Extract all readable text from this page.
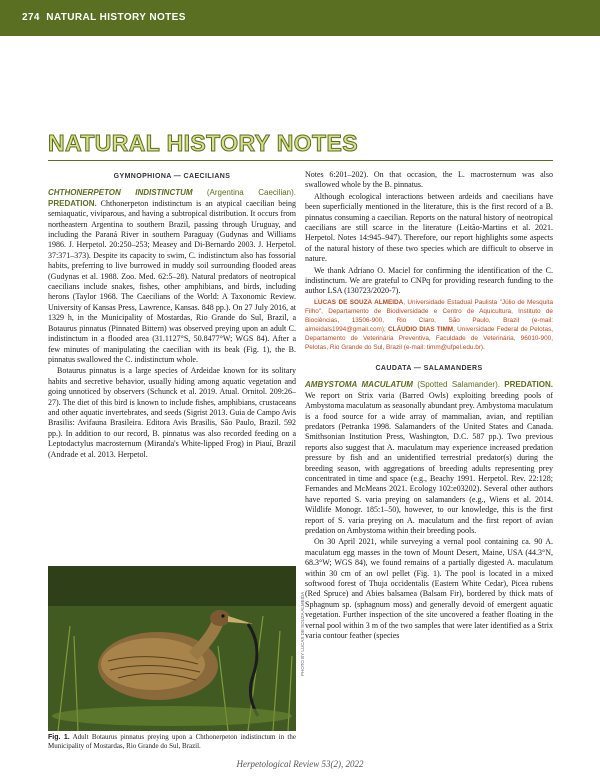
274 NATURAL HISTORY NOTES
NATURAL HISTORY NOTES
GYMNOPHIONA — CAECILIANS

CHTHONERPETON INDISTINCTUM (Argentina Caecilian). PREDATION. Chthonerpeton indistinctum is an atypical caecilian being semiaquatic, viviparous, and having a subtropical distribution. It occurs from northeastern Argentina to southern Brazil, passing through Uruguay, and including the Paraná River in southern Paraguay (Gudynas and Williams 1986. J. Herpetol. 20:250–253; Measey and Di-Bernardo 2003. J. Herpetol. 37:371–373). Despite its capacity to swim, C. indistinctum also has fossorial habits, preferring to live burrowed in muddy soil surrounding flooded areas (Gudynas et al. 1988. Zoo. Med. 62:5–28). Natural predators of neotropical caecilians include snakes, fishes, other amphibians, and birds, including herons (Taylor 1968. The Caecilians of the World: A Taxonomic Review. University of Kansas Press, Lawrence, Kansas. 848 pp.). On 27 July 2016, at 1329 h, in the Municipality of Mostardas, Rio Grande do Sul, Brazil, a Botaurus pinnatus (Pinnated Bittern) was observed preying upon an adult C. indistinctum in a flooded area (31.1127°S, 50.8477°W; WGS 84). After a few minutes of manipulating the caecilian with its beak (Fig. 1), the B. pinnatus swallowed the C. indistinctum whole.

Botaurus pinnatus is a large species of Ardeidae known for its solitary habits and secretive behavior, usually hiding among aquatic vegetation and going unnoticed by observers (Schunck et al. 2019. Atual. Ornitol. 209:26–27). The diet of this bird is known to include fishes, amphibians, crustaceans and other aquatic invertebrates, and seeds (Sigrist 2013. Guia de Campo Avis Brasilis: Avifauna Brasileira. Editora Avis Brasilis, São Paulo, Brazil. 592 pp.). In addition to our record, B. pinnatus was also recorded feeding on a Leptodactylus macrosternum (Miranda's White-lipped Frog) in Piauí, Brazil (Andrade et al. 2013. Herpetol.

PHOTO BY LUCAS DE SOUZA ALMEIDA
Fig. 1. Adult Botaurus pinnatus preying upon a Chthonerpeton indistinctum in the Municipality of Mostardas, Rio Grande do Sul, Brazil.

Notes 6:201–202). On that occasion, the L. macrosternum was also swallowed whole by the B. pinnatus.

Although ecological interactions between ardeids and caecilians have been superficially mentioned in the literature, this is the first record of a B. pinnatus consuming a caecilian. Reports on the natural history of neotropical caecilians are still scarce in the literature (Leitão-Martins et al. 2021. Herpetol. Notes 14:945–947). Therefore, our report highlights some aspects of the natural history of these two species which are difficult to observe in nature.

We thank Adriano O. Maciel for confirming the identification of the C. indistinctum. We are grateful to CNPq for providing research funding to the author LSA (130723/2020-7).

LUCAS DE SOUZA ALMEIDA, Universidade Estadual Paulista "Júlio de Mesquita Filho", Departamento de Biodiversidade e Centro de Aquicultura, Instituto de Biociências, 13506-900, Rio Claro, São Paulo, Brazil (e-mail: almeidals1994@gmail.com); CLÁUDIO DIAS TIMM, Universidade Federal de Pelotas, Departamento de Veterinária Preventiva, Faculdade de Veterinária, 96010-900, Pelotas, Rio Grande do Sul, Brazil (e-mail: timm@ufpel.edu.br).

CAUDATA — SALAMANDERS

AMBYSTOMA MACULATUM (Spotted Salamander). PREDATION. We report on Strix varia (Barred Owls) exploiting breeding pools of Ambystoma maculatum as seasonally abundant prey. Ambystoma maculatum is a food source for a wide array of mammalian, avian, and reptilian predators (Petranka 1998. Salamanders of the United States and Canada. Smithsonian Institution Press, Washington, D.C. 587 pp.). Two previous reports also suggest that A. maculatum may experience increased predation pressure by fish and an unidentified terrestrial predator(s) during the breeding season, with aggregations of breeding adults representing prey concentrated in time and space (e.g., Beachy 1991. Herpetol. Rev. 22:128; Fernandes and McMeans 2021. Ecology 102:e03202). Several other authors have reported S. varia preying on salamanders (e.g., Wiens et al. 2014. Wildlife Monogr. 185:1–50), however, to our knowledge, this is the first report of S. varia preying on A. maculatum and the first report of avian predation on Ambystoma within their breeding pools.

On 30 April 2021, while surveying a vernal pool containing ca. 90 A. maculatum egg masses in the town of Mount Desert, Maine, USA (44.3°N, 68.3°W; WGS 84), we found remains of a partially digested A. maculatum within 30 cm of an owl pellet (Fig. 1). The pool is located in a mixed softwood forest of Thuja occidentalis (Eastern White Cedar), Picea rubens (Red Spruce) and Abies balsamea (Balsam Fir), bordered by thick mats of Sphagnum sp. (sphagnum moss) and generally devoid of emergent aquatic vegetation. Further inspection of the site uncovered a feather floating in the vernal pool within 3 m of the two samples that were later identified as a Strix varia contour feather (species

Herpetological Review 53(2), 2022
